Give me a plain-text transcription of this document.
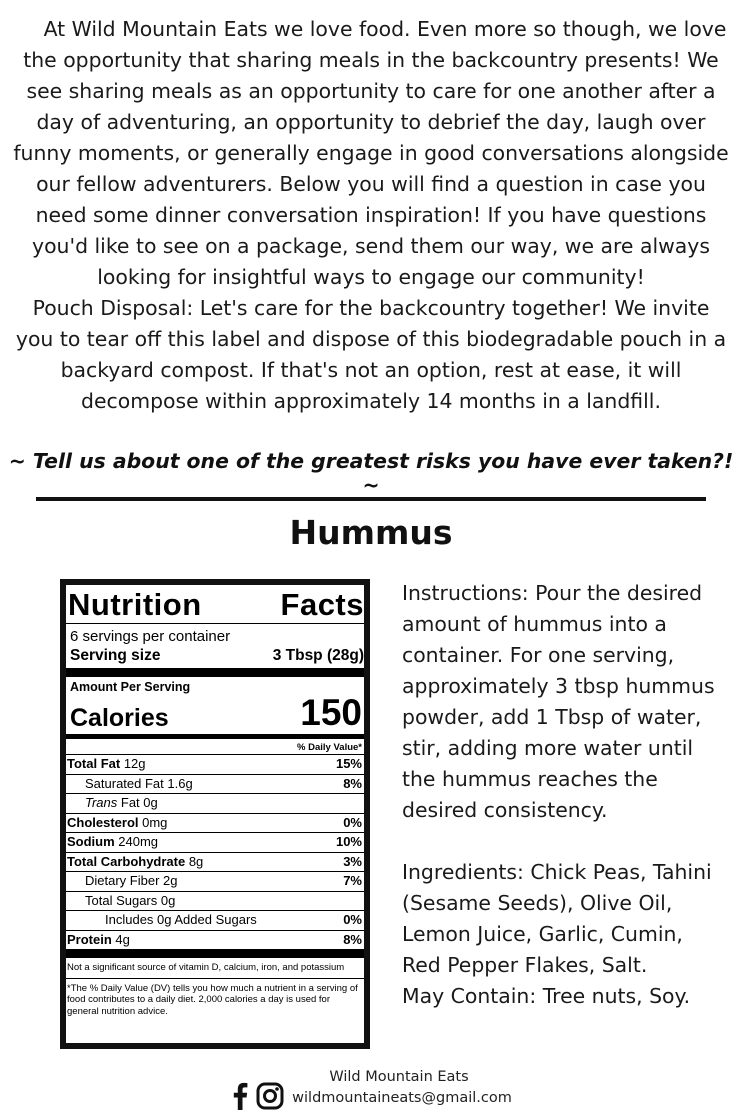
At Wild Mountain Eats we love food. Even more so though, we love the opportunity that sharing meals in the backcountry presents! We see sharing meals as an opportunity to care for one another after a day of adventuring, an opportunity to debrief the day, laugh over funny moments, or generally engage in good conversations alongside our fellow adventurers. Below you will find a question in case you need some dinner conversation inspiration! If you have questions you'd like to see on a package, send them our way, we are always looking for insightful ways to engage our community!

Pouch Disposal: Let's care for the backcountry together! We invite you to tear off this label and dispose of this biodegradable pouch in a backyard compost. If that's not an option, rest at ease, it will decompose within approximately 14 months in a landfill.

~ Tell us about one of the greatest risks you have ever taken?! ~
Hummus
Nutrition	Facts
6 servings per container
Serving size	3 Tbsp (28g)
Amount Per Serving
Calories	150
% Daily Value*
Total Fat 12g	15%
Saturated Fat 1.6g	8%
Trans Fat 0g
Cholesterol 0mg	0%
Sodium 240mg	10%
Total Carbohydrate 8g	3%
Dietary Fiber 2g	7%
Total Sugars 0g
Includes 0g Added Sugars	0%
Protein 4g	8%
Not a significant source of vitamin D, calcium, iron, and potassium
*The % Daily Value (DV) tells you how much a nutrient in a serving of food contributes to a daily diet. 2,000 calories a day is used for general nutrition advice.

Instructions: Pour the desired amount of hummus into a container. For one serving, approximately 3 tbsp hummus powder, add 1 Tbsp of water, stir, adding more water until the hummus reaches the desired consistency.

Ingredients: Chick Peas, Tahini (Sesame Seeds), Olive Oil, Lemon Juice, Garlic, Cumin, Red Pepper Flakes, Salt.

May Contain: Tree nuts, Soy.

Wild Mountain Eats
wildmountaineats@gmail.com
